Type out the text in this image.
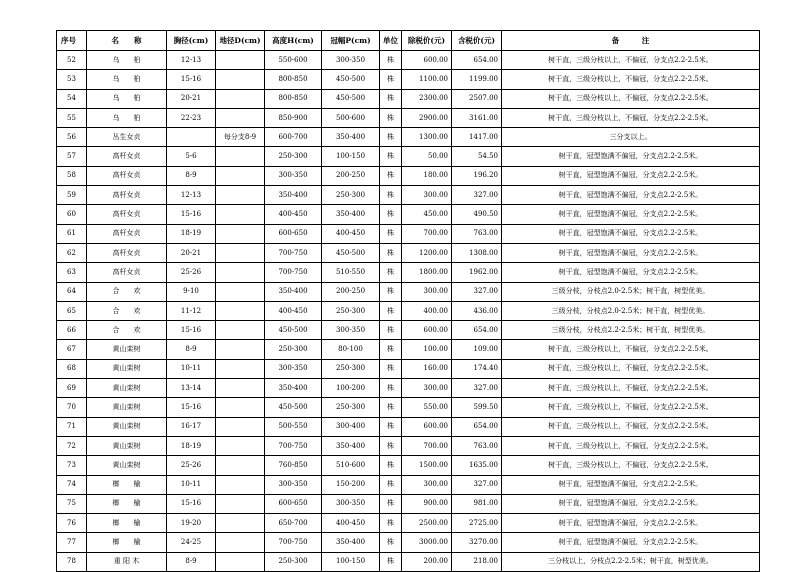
序号	名　　称	胸径(cm)	地径D(cm)	高度H(cm)	冠幅P(cm)	单位	除税价(元)	含税价(元)	备　　　注
52	乌　　桕	12-13		550-600	300-350	株	600.00	654.00	树干直，三级分枝以上，不偏冠，分支点2.2-2.5米。
53	乌　　桕	15-16		800-850	450-500	株	1100.00	1199.00	树干直，三级分枝以上，不偏冠，分支点2.2-2.5米。
54	乌　　桕	20-21		800-850	450-500	株	2300.00	2507.00	树干直，三级分枝以上，不偏冠，分支点2.2-2.5米。
55	乌　　桕	22-23		850-900	500-600	株	2900.00	3161.00	树干直，三级分枝以上，不偏冠，分支点2.2-2.5米。
56	丛生女贞		每分支8-9	600-700	350-400	株	1300.00	1417.00	三分支以上。
57	高杆女贞	5-6		250-300	100-150	株	50.00	54.50	树干直，冠型饱满不偏冠，分支点2.2-2.5米。
58	高杆女贞	8-9		300-350	200-250	株	180.00	196.20	树干直，冠型饱满不偏冠，分支点2.2-2.5米。
59	高杆女贞	12-13		350-400	250-300	株	300.00	327.00	树干直，冠型饱满不偏冠，分支点2.2-2.5米。
60	高杆女贞	15-16		400-450	350-400	株	450.00	490.50	树干直，冠型饱满不偏冠，分支点2.2-2.5米。
61	高杆女贞	18-19		600-650	400-450	株	700.00	763.00	树干直，冠型饱满不偏冠，分支点2.2-2.5米。
62	高杆女贞	20-21		700-750	450-500	株	1200.00	1308.00	树干直，冠型饱满不偏冠，分支点2.2-2.5米。
63	高杆女贞	25-26		700-750	510-550	株	1800.00	1962.00	树干直，冠型饱满不偏冠，分支点2.2-2.5米。
64	合　　欢	9-10		350-400	200-250	株	300.00	327.00	三级分枝，分枝点2.0-2.5米；树干直，树型优美。
65	合　　欢	11-12		400-450	250-300	株	400.00	436.00	三级分枝，分枝点2.0-2.5米；树干直，树型优美。
66	合　　欢	15-16		450-500	300-350	株	600.00	654.00	三级分枝，分枝点2.2-2.5米；树干直，树型优美。
67	黄山栾树	8-9		250-300	80-100	株	100.00	109.00	树干直，三级分枝以上，不偏冠，分支点2.2-2.5米。
68	黄山栾树	10-11		300-350	250-300	株	160.00	174.40	树干直，三级分枝以上，不偏冠，分支点2.2-2.5米。
69	黄山栾树	13-14		350-400	100-200	株	300.00	327.00	树干直，三级分枝以上，不偏冠，分支点2.2-2.5米。
70	黄山栾树	15-16		450-500	250-300	株	550.00	599.50	树干直，三级分枝以上，不偏冠，分支点2.2-2.5米。
71	黄山栾树	16-17		500-550	300-400	株	600.00	654.00	树干直，三级分枝以上，不偏冠，分支点2.2-2.5米。
72	黄山栾树	18-19		700-750	350-400	株	700.00	763.00	树干直，三级分枝以上，不偏冠，分支点2.2-2.5米。
73	黄山栾树	25-26		760-850	510-600	株	1500.00	1635.00	树干直，三级分枝以上，不偏冠，分支点2.2-2.5米。
74	榔　　榆	10-11		300-350	150-200	株	300.00	327.00	树干直，冠型饱满不偏冠，分支点2.2-2.5米。
75	榔　　榆	15-16		600-650	300-350	株	900.00	981.00	树干直，冠型饱满不偏冠，分支点2.2-2.5米。
76	榔　　榆	19-20		650-700	400-450	株	2500.00	2725.00	树干直，冠型饱满不偏冠，分支点2.2-2.5米。
77	榔　　榆	24-25		700-750	350-400	株	3000.00	3270.00	树干直，冠型饱满不偏冠，分支点2.2-2.5米。
78	重 阳 木	8-9		250-300	100-150	株	200.00	218.00	三分枝以上，分枝点2.2-2.5米；树干直，树型优美。
